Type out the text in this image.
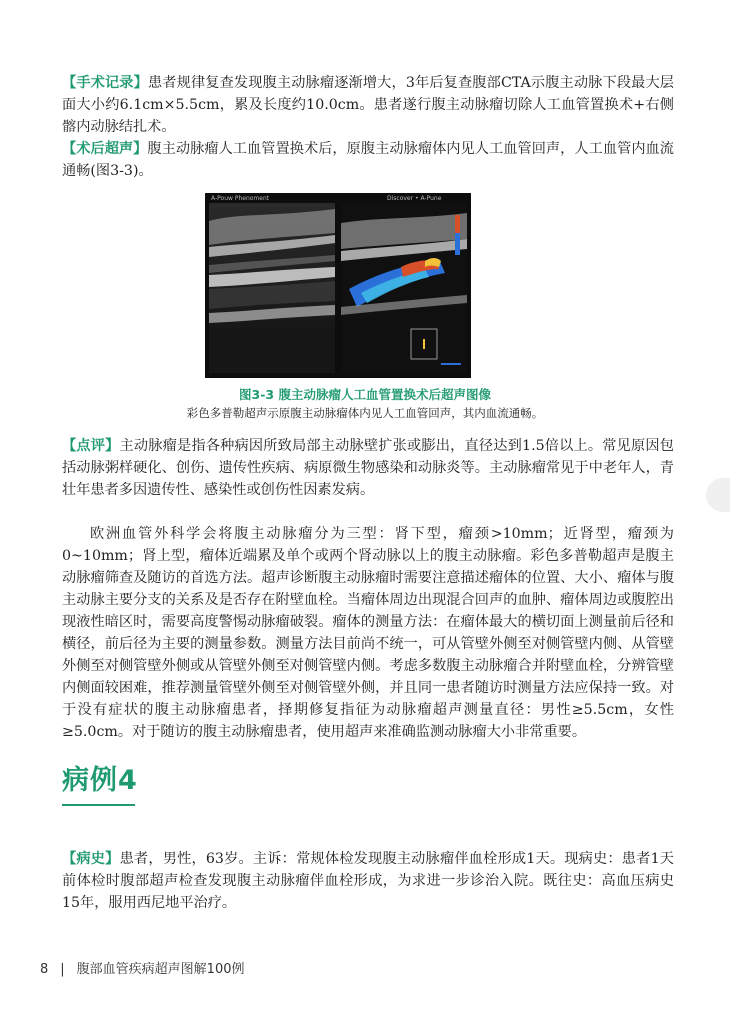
【手术记录】患者规律复查发现腹主动脉瘤逐渐增大，3年后复查腹部CTA示腹主动脉下段最大层面大小约6.1cm×5.5cm，累及长度约10.0cm。患者遂行腹主动脉瘤切除人工血管置换术+右侧髂内动脉结扎术。

【术后超声】腹主动脉瘤人工血管置换术后，原腹主动脉瘤体内见人工血管回声，人工血管内血流通畅(图3-3)。

A-Pouw Phenoment	Discover • A-Pune
图3-3 腹主动脉瘤人工血管置换术后超声图像
彩色多普勒超声示原腹主动脉瘤体内见人工血管回声，其内血流通畅。

【点评】主动脉瘤是指各种病因所致局部主动脉壁扩张或膨出，直径达到1.5倍以上。常见原因包括动脉粥样硬化、创伤、遗传性疾病、病原微生物感染和动脉炎等。主动脉瘤常见于中老年人，青壮年患者多因遗传性、感染性或创伤性因素发病。

欧洲血管外科学会将腹主动脉瘤分为三型：肾下型，瘤颈>10mm；近肾型，瘤颈为0~10mm；肾上型，瘤体近端累及单个或两个肾动脉以上的腹主动脉瘤。彩色多普勒超声是腹主动脉瘤筛查及随访的首选方法。超声诊断腹主动脉瘤时需要注意描述瘤体的位置、大小、瘤体与腹主动脉主要分支的关系及是否存在附壁血栓。当瘤体周边出现混合回声的血肿、瘤体周边或腹腔出现液性暗区时，需要高度警惕动脉瘤破裂。瘤体的测量方法：在瘤体最大的横切面上测量前后径和横径，前后径为主要的测量参数。测量方法目前尚不统一，可从管壁外侧至对侧管壁内侧、从管壁外侧至对侧管壁外侧或从管壁外侧至对侧管壁内侧。考虑多数腹主动脉瘤合并附壁血栓，分辨管壁内侧面较困难，推荐测量管壁外侧至对侧管壁外侧，并且同一患者随访时测量方法应保持一致。对于没有症状的腹主动脉瘤患者，择期修复指征为动脉瘤超声测量直径：男性≥5.5cm，女性≥5.0cm。对于随访的腹主动脉瘤患者，使用超声来准确监测动脉瘤大小非常重要。

病例4

【病史】患者，男性，63岁。主诉：常规体检发现腹主动脉瘤伴血栓形成1天。现病史：患者1天前体检时腹部超声检查发现腹主动脉瘤伴血栓形成，为求进一步诊治入院。既往史：高血压病史15年，服用西尼地平治疗。

8 | 腹部血管疾病超声图解100例
